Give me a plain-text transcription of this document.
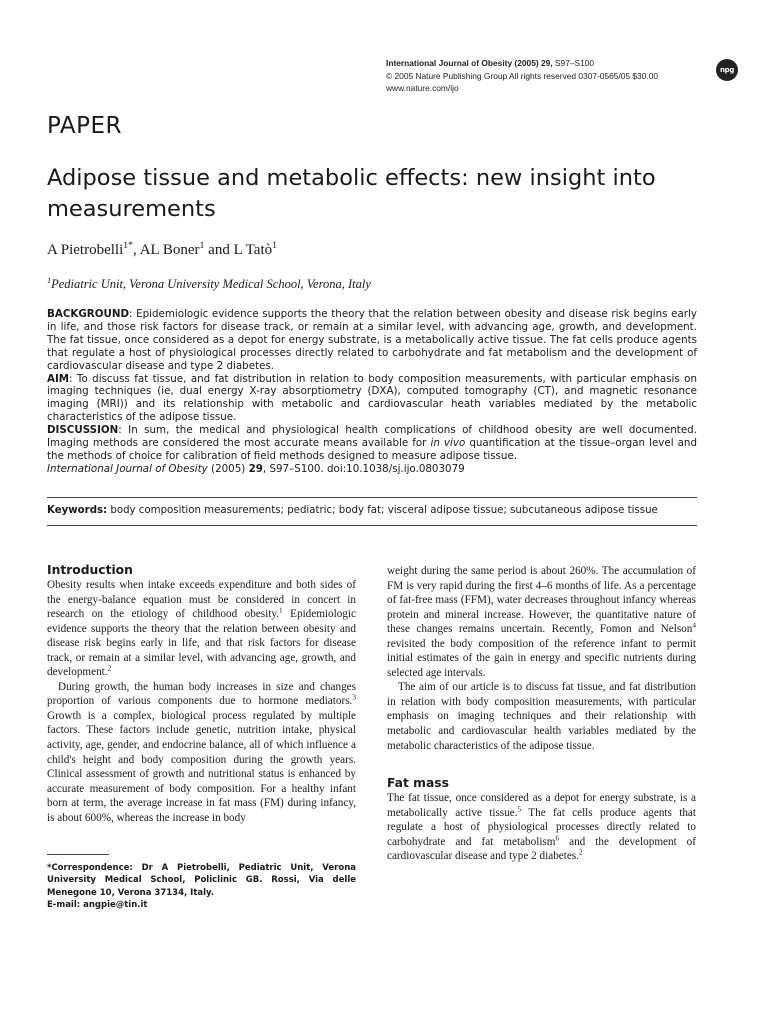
International Journal of Obesity (2005) 29, S97–S100
© 2005 Nature Publishing Group All rights reserved 0307-0565/05 $30.00
www.nature.com/ijo
npg
PAPER
Adipose tissue and metabolic effects: new insight into measurements
A Pietrobelli$^{1*}$, AL Boner$^1$ and L Tatò$^1$
$^1$Pediatric Unit, Verona University Medical School, Verona, Italy

BACKGROUND: Epidemiologic evidence supports the theory that the relation between obesity and disease risk begins early in life, and those risk factors for disease track, or remain at a similar level, with advancing age, growth, and development. The fat tissue, once considered as a depot for energy substrate, is a metabolically active tissue. The fat cells produce agents that regulate a host of physiological processes directly related to carbohydrate and fat metabolism and the development of cardiovascular disease and type 2 diabetes.

AIM: To discuss fat tissue, and fat distribution in relation to body composition measurements, with particular emphasis on imaging techniques (ie, dual energy X-ray absorptiometry (DXA), computed tomography (CT), and magnetic resonance imaging (MRI)) and its relationship with metabolic and cardiovascular heath variables mediated by the metabolic characteristics of the adipose tissue.

DISCUSSION: In sum, the medical and physiological health complications of childhood obesity are well documented. Imaging methods are considered the most accurate means available for in vivo quantification at the tissue–organ level and the methods of choice for calibration of field methods designed to measure adipose tissue.

International Journal of Obesity (2005) 29, S97–S100. doi:10.1038/sj.ijo.0803079

Keywords: body composition measurements; pediatric; body fat; visceral adipose tissue; subcutaneous adipose tissue
Introduction

Obesity results when intake exceeds expenditure and both sides of the energy-balance equation must be considered in concert in research on the etiology of childhood obesity.$^1$ Epidemiologic evidence supports the theory that the relation between obesity and disease risk begins early in life, and that risk factors for disease track, or remain at a similar level, with advancing age, growth, and development.$^2$

During growth, the human body increases in size and changes proportion of various components due to hormone mediators.$^3$ Growth is a complex, biological process regulated by multiple factors. These factors include genetic, nutrition intake, physical activity, age, gender, and endocrine balance, all of which influence a child's height and body composition during the growth years. Clinical assessment of growth and nutritional status is enhanced by accurate measurement of body composition. For a healthy infant born at term, the average increase in fat mass (FM) during infancy, is about 600%, whereas the increase in body

weight during the same period is about 260%. The accumulation of FM is very rapid during the first 4–6 months of life. As a percentage of fat-free mass (FFM), water decreases throughout infancy whereas protein and mineral increase. However, the quantitative nature of these changes remains uncertain. Recently, Fomon and Nelson$^4$ revisited the body composition of the reference infant to permit initial estimates of the gain in energy and specific nutrients during selected age intervals.

The aim of our article is to discuss fat tissue, and fat distribution in relation with body composition measurements, with particular emphasis on imaging techniques and their relationship with metabolic and cardiovascular health variables mediated by the metabolic characteristics of the adipose tissue.

Fat mass

The fat tissue, once considered as a depot for energy substrate, is a metabolically active tissue.$^5$ The fat cells produce agents that regulate a host of physiological processes directly related to carbohydrate and fat metabolism$^6$ and the development of cardiovascular disease and type 2 diabetes.$^2$

*Correspondence: Dr A Pietrobelli, Pediatric Unit, Verona University Medical School, Policlinic GB. Rossi, Via delle Menegone 10, Verona 37134, Italy.

E-mail: angpie@tin.it
